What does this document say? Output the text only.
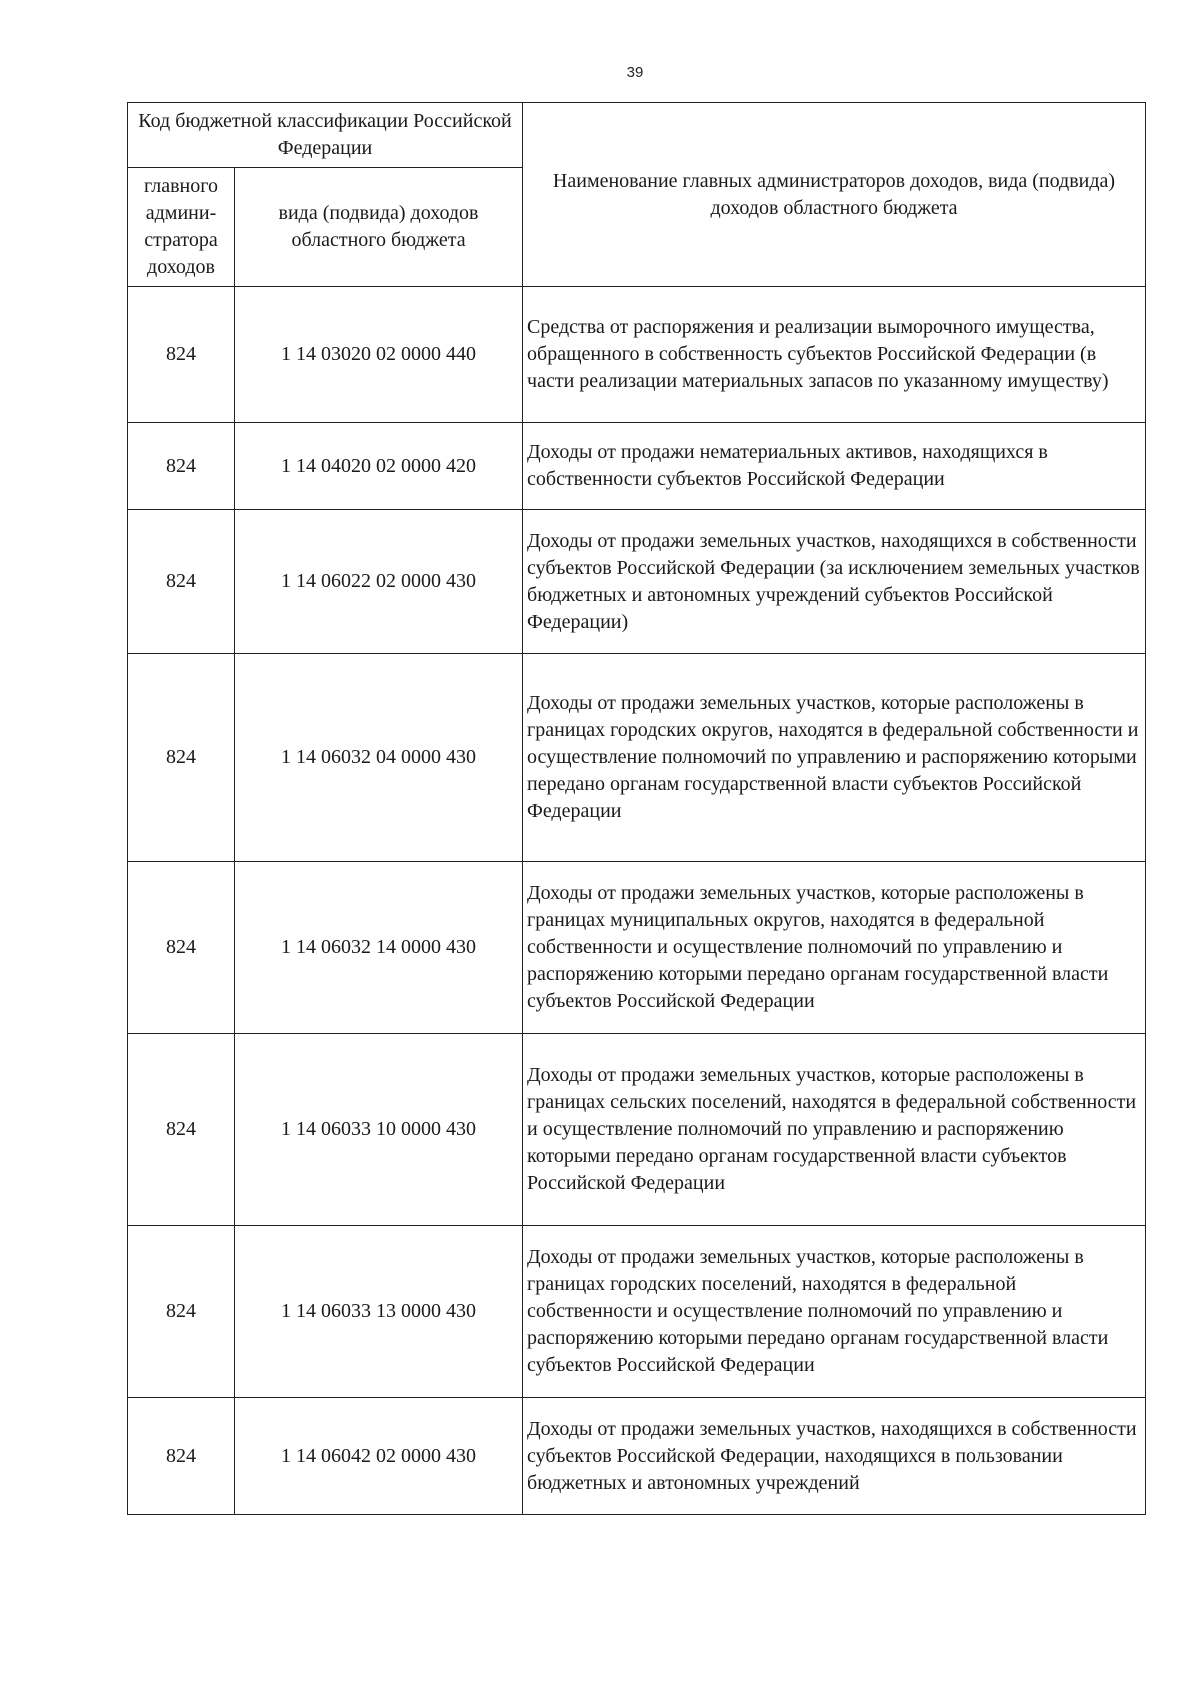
39
Код бюджетной классификации Российской Федерации		Наименование главных администраторов доходов, вида (подвида) доходов областного бюджета
главного админи-стратора доходов	вида (подвида) доходов областного бюджета	
824	1 14 03020 02 0000 440	Средства от распоряжения и реализации выморочного имущества, обращенного в собственность субъектов Российской Федерации (в части реализации материальных запасов по указанному имуществу)
824	1 14 04020 02 0000 420	Доходы от продажи нематериальных активов, находящихся в собственности субъектов Российской Федерации
824	1 14 06022 02 0000 430	Доходы от продажи земельных участков, находящихся в собственности субъектов Российской Федерации (за исключением земельных участков бюджетных и автономных учреждений субъектов Российской Федерации)
824	1 14 06032 04 0000 430	Доходы от продажи земельных участков, которые расположены в границах городских округов, находятся в федеральной собственности и осуществление полномочий по управлению и распоряжению которыми передано органам государственной власти субъектов Российской Федерации
824	1 14 06032 14 0000 430	Доходы от продажи земельных участков, которые расположены в границах муниципальных округов, находятся в федеральной собственности и осуществление полномочий по управлению и распоряжению которыми передано органам государственной власти субъектов Российской Федерации
824	1 14 06033 10 0000 430	Доходы от продажи земельных участков, которые расположены в границах сельских поселений, находятся в федеральной собственности и осуществление полномочий по управлению и распоряжению которыми передано органам государственной власти субъектов Российской Федерации
824	1 14 06033 13 0000 430	Доходы от продажи земельных участков, которые расположены в границах городских поселений, находятся в федеральной собственности и осуществление полномочий по управлению и распоряжению которыми передано органам государственной власти субъектов Российской Федерации
824	1 14 06042 02 0000 430	Доходы от продажи земельных участков, находящихся в собственности субъектов Российской Федерации, находящихся в пользовании бюджетных и автономных учреждений
